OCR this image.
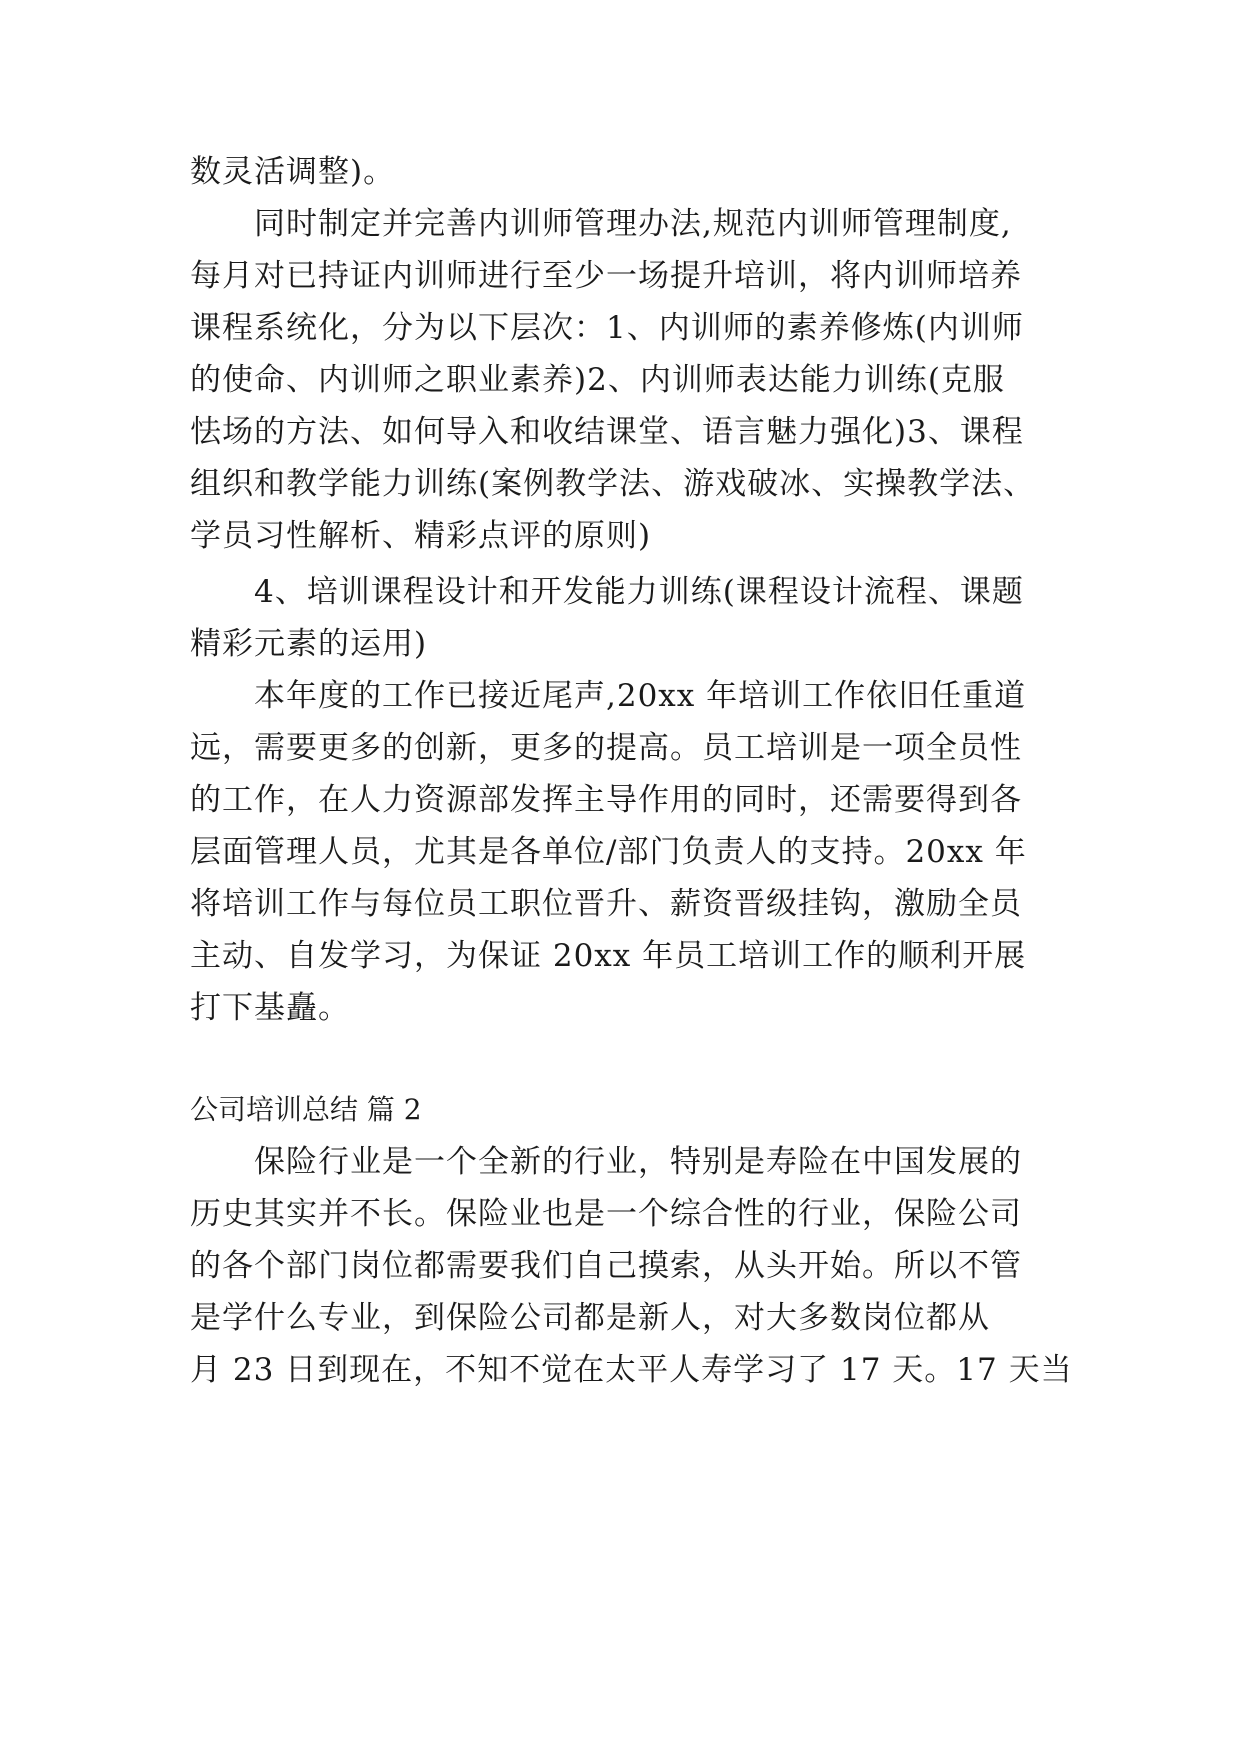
数灵活调整)。
同时制定并完善内训师管理办法,规范内训师管理制度,
每月对已持证内训师进行至少一场提升培训，将内训师培养
课程系统化，分为以下层次：1、内训师的素养修炼(内训师
的使命、内训师之职业素养)2、内训师表达能力训练(克服
怯场的方法、如何导入和收结课堂、语言魅力强化)3、课程
组织和教学能力训练(案例教学法、游戏破冰、实操教学法、
学员习性解析、精彩点评的原则)
4、培训课程设计和开发能力训练(课程设计流程、课题
精彩元素的运用)
本年度的工作已接近尾声,20xx 年培训工作依旧任重道
远，需要更多的创新，更多的提高。员工培训是一项全员性
的工作，在人力资源部发挥主导作用的同时，还需要得到各
层面管理人员，尤其是各单位/部门负责人的支持。20xx 年
将培训工作与每位员工职位晋升、薪资晋级挂钩，激励全员
主动、自发学习，为保证 20xx 年员工培训工作的顺利开展
打下基矗。
公司培训总结 篇 2
保险行业是一个全新的行业，特别是寿险在中国发展的
历史其实并不长。保险业也是一个综合性的行业，保险公司
的各个部门岗位都需要我们自己摸索，从头开始。所以不管
是学什么专业，到保险公司都是新人，对大多数岗位都从
月 23 日到现在，不知不觉在太平人寿学习了 17 天。17 天当
